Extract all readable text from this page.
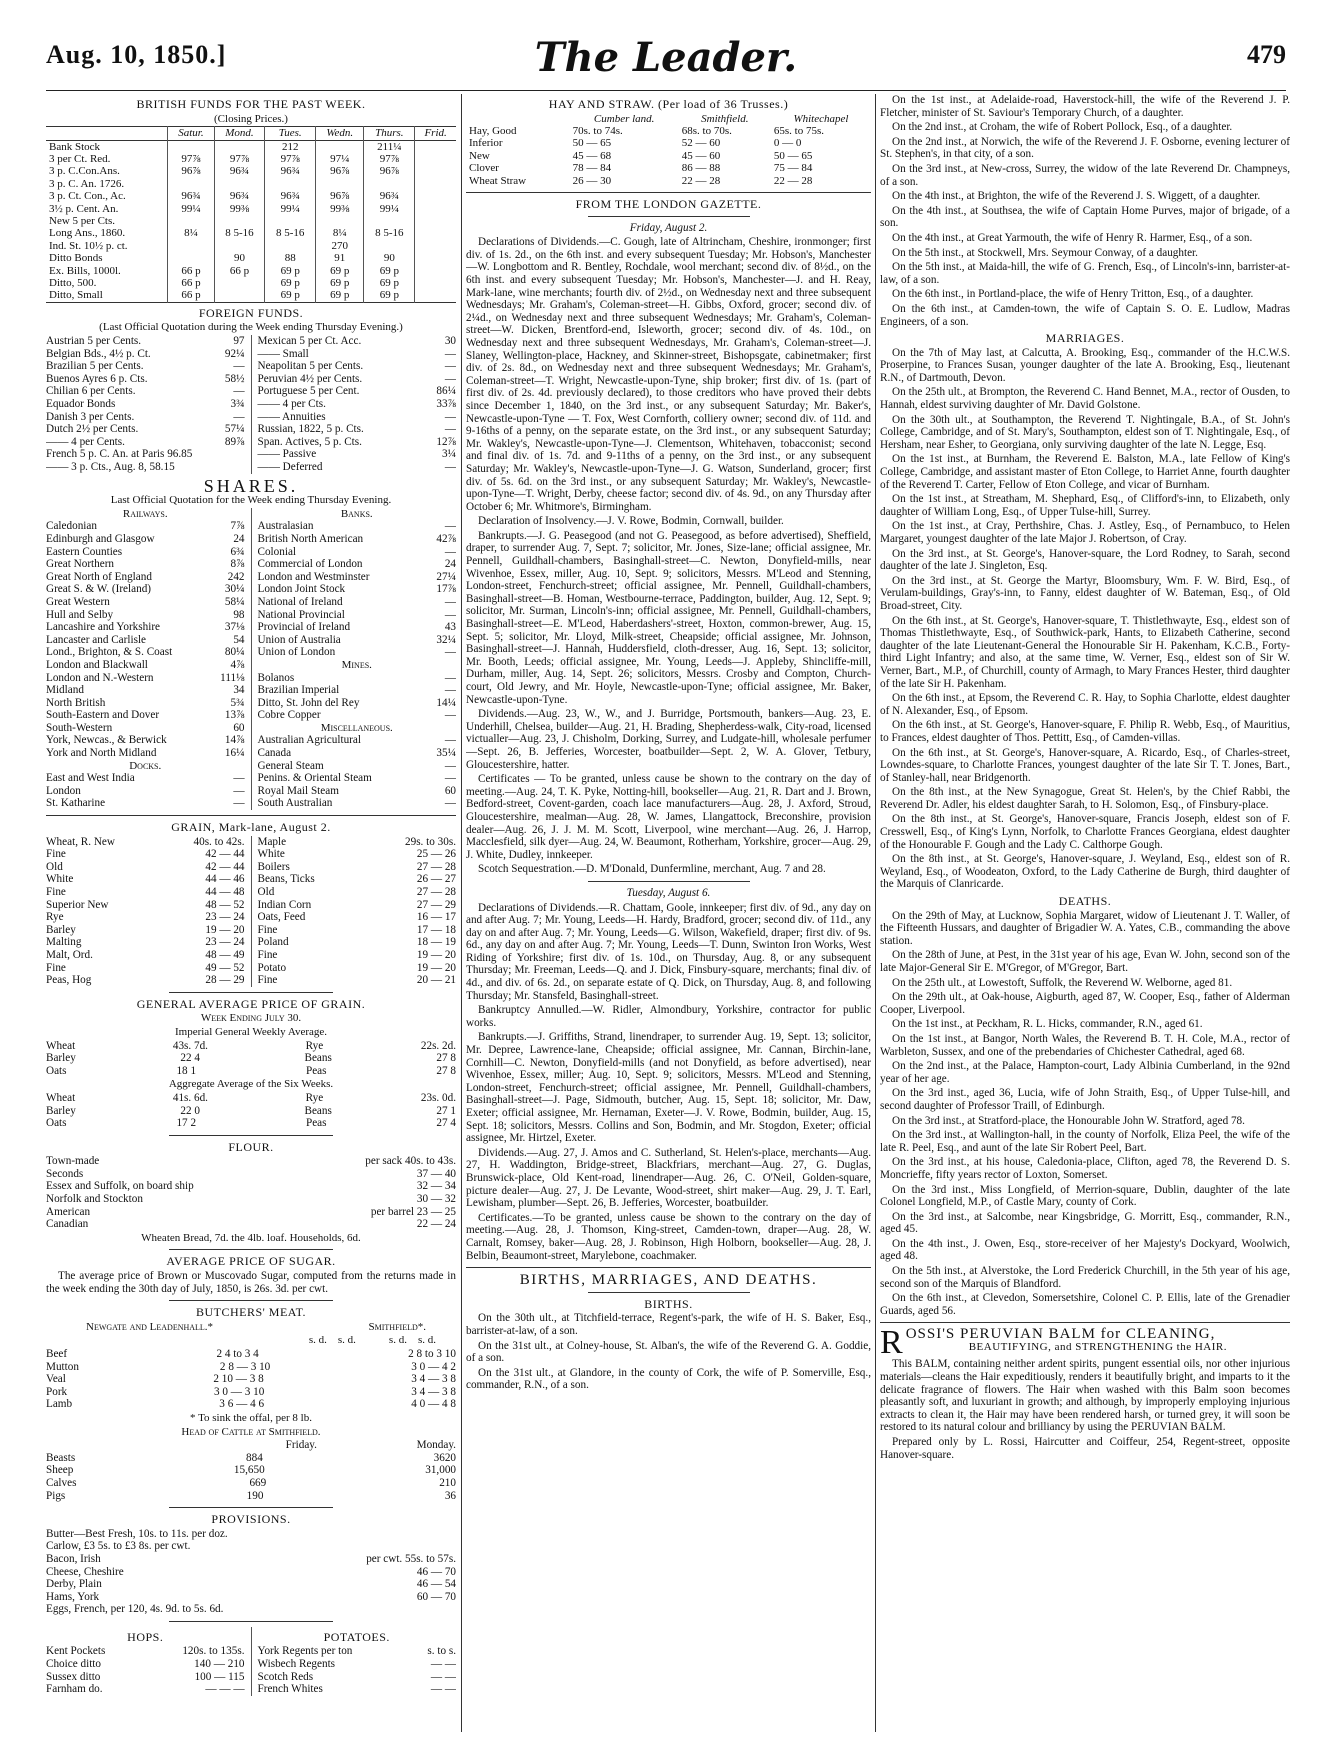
Aug. 10, 1850.]	The Leader.	479
BRITISH FUNDS FOR THE PAST WEEK.
(Closing Prices.)
	Satur.	Mond.	Tues.	Wedn.	Thurs.	Frid.
Bank Stock			212		211¼	
3 per Ct. Red.	97⅞	97⅞	97⅞	97¼	97⅞	
3 p. C.Con.Ans.	96⅞	96¾	96¾	96⅞	96⅞	
3 p. C. An. 1726.						
3 p. Ct. Con., Ac.	96¾	96¾	96¾	96⅞	96¾	
3½ p. Cent. An.	99¼	99⅜	99¼	99⅜	99¼	
New 5 per Cts.						
Long Ans., 1860.	8¼	8 5-16	8 5-16	8¼	8 5-16	
Ind. St. 10½ p. ct.				270		
Ditto Bonds		90	88	91	90	
Ex. Bills, 1000l.	66 p	66 p	69 p	69 p	69 p	
Ditto, 500.	66 p		69 p	69 p	69 p	
Ditto, Small	66 p		69 p	69 p	69 p	
FOREIGN FUNDS.
(Last Official Quotation during the Week ending Thursday Evening.)
Austrian 5 per Cents.	97
Belgian Bds., 4½ p. Ct.	92¼
Brazilian 5 per Cents.	—
Buenos Ayres 6 p. Cts.	58½
Chilian 6 per Cents.	—
Equador Bonds	3¾
Danish 3 per Cents.	—
Dutch 2½ per Cents.	57¼
—— 4 per Cents.	89⅞
French 5 p. C. An. at Paris 96.85
—— 3 p. Cts., Aug. 8, 58.15
Mexican 5 per Ct. Acc.	30
—— Small	—
Neapolitan 5 per Cents.	—
Peruvian 4½ per Cents.	—
Portuguese 5 per Cent.	86¼
—— 4 per Cts.	33⅞
—— Annuities	—
Russian, 1822, 5 p. Cts.	—
Span. Actives, 5 p. Cts.	12⅞
—— Passive	3¼
—— Deferred	—
SHARES.
Last Official Quotation for the Week ending Thursday Evening.
Railways.
Caledonian	7⅞
Edinburgh and Glasgow	24
Eastern Counties	6¾
Great Northern	8⅞
Great North of England	242
Great S. & W. (Ireland)	30¼
Great Western	58¼
Hull and Selby	98
Lancashire and Yorkshire	37⅛
Lancaster and Carlisle	54
Lond., Brighton, & S. Coast	80¼
London and Blackwall	4⅞
London and N.-Western	111⅛
Midland	34
North British	5¾
South-Eastern and Dover	13⅞
South-Western	60
York, Newcas., & Berwick	14⅞
York and North Midland	16¼
Docks.
East and West India	—
London	—
St. Katharine	—
Banks.
Australasian	—
British North American	42⅞
Colonial	—
Commercial of London	24
London and Westminster	27¼
London Joint Stock	17⅞
National of Ireland	—
National Provincial	—
Provincial of Ireland	43
Union of Australia	32¼
Union of London	—
Mines.
Bolanos	—
Brazilian Imperial	—
Ditto, St. John del Rey	14¼
Cobre Copper	—
Miscellaneous.
Australian Agricultural	—
Canada	35¼
General Steam	—
Penins. & Oriental Steam	—
Royal Mail Steam	60
South Australian	—
GRAIN, Mark-lane, August 2.
Wheat, R. New	40s. to 42s.
Fine	42 — 44
Old	42 — 44
White	44 — 46
Fine	44 — 48
Superior New	48 — 52
Rye	23 — 24
Barley	19 — 20
Malting	23 — 24
Malt, Ord.	48 — 49
Fine	49 — 52
Peas, Hog	28 — 29
Maple	29s. to 30s.
White	25 — 26
Boilers	27 — 28
Beans, Ticks	26 — 27
Old	27 — 28
Indian Corn	27 — 29
Oats, Feed	16 — 17
Fine	17 — 18
Poland	18 — 19
Fine	19 — 20
Potato	19 — 20
Fine	20 — 21
GENERAL AVERAGE PRICE OF GRAIN.
Week Ending July 30.
Imperial General Weekly Average.
Wheat	43s. 7d.	Rye	22s. 2d.
Barley	22 4	Beans	27 8
Oats	18 1	Peas	27 8
Aggregate Average of the Six Weeks.
Wheat	41s. 6d.	Rye	23s. 0d.
Barley	22 0	Beans	27 1
Oats	17 2	Peas	27 4
FLOUR.
Town-made	per sack 40s. to 43s.
Seconds	37 — 40
Essex and Suffolk, on board ship	32 — 34
Norfolk and Stockton	30 — 32
American	per barrel 23 — 25
Canadian	22 — 24
Wheaten Bread, 7d. the 4lb. loaf. Households, 6d.
AVERAGE PRICE OF SUGAR.

The average price of Brown or Muscovado Sugar, computed from the returns made in the week ending the 30th day of July, 1850, is 26s. 3d. per cwt.

BUTCHERS' MEAT.
Newgate and Leadenhall.*	Smithfield*.
s. d.    s. d.            s. d.    s. d.
Beef	2 4 to 3 4	2 8 to 3 10
Mutton	2 8 — 3 10	3 0 — 4 2
Veal	2 10 — 3 8	3 4 — 3 8
Pork	3 0 — 3 10	3 4 — 3 8
Lamb	3 6 — 4 6	4 0 — 4 8
* To sink the offal, per 8 lb.
Head of Cattle at Smithfield.
Friday.	Monday.
Beasts	884	3620
Sheep	15,650	31,000
Calves	669	210
Pigs	190	36
PROVISIONS.
Butter—Best Fresh, 10s. to 11s. per doz.
Carlow, £3 5s. to £3 8s. per cwt.
Bacon, Irish	per cwt. 55s. to 57s.
Cheese, Cheshire	46 — 70
Derby, Plain	46 — 54
Hams, York	60 — 70
Eggs, French, per 120, 4s. 9d. to 5s. 6d.
HOPS.
Kent Pockets	120s. to 135s.
Choice ditto	140 — 210
Sussex ditto	100 — 115
Farnham do.	— — —
POTATOES.
York Regents per ton	s. to s.
Wisbech Regents	— —
Scotch Reds	— —
French Whites	— —
HAY AND STRAW. (Per load of 36 Trusses.)
	Cumber land.	Smithfield.	Whitechapel
Hay, Good	70s. to 74s.	68s. to 70s.	65s. to 75s.
Inferior	50 — 65	52 — 60	0 — 0
New	45 — 68	45 — 60	50 — 65
Clover	78 — 84	86 — 88	75 — 84
Wheat Straw	26 — 30	22 — 28	22 — 28
FROM THE LONDON GAZETTE.
Friday, August 2.

Declarations of Dividends.—C. Gough, late of Altrincham, Cheshire, ironmonger; first div. of 1s. 2d., on the 6th inst. and every subsequent Tuesday; Mr. Hobson's, Manchester—W. Longbottom and R. Bentley, Rochdale, wool merchant; second div. of 8½d., on the 6th inst. and every subsequent Tuesday; Mr. Hobson's, Manchester—J. and H. Reay, Mark-lane, wine merchants; fourth div. of 2½d., on Wednesday next and three subsequent Wednesdays; Mr. Graham's, Coleman-street—H. Gibbs, Oxford, grocer; second div. of 2¼d., on Wednesday next and three subsequent Wednesdays; Mr. Graham's, Coleman-street—W. Dicken, Brentford-end, Isleworth, grocer; second div. of 4s. 10d., on Wednesday next and three subsequent Wednesdays, Mr. Graham's, Coleman-street—J. Slaney, Wellington-place, Hackney, and Skinner-street, Bishopsgate, cabinetmaker; first div. of 2s. 8d., on Wednesday next and three subsequent Wednesdays; Mr. Graham's, Coleman-street—T. Wright, Newcastle-upon-Tyne, ship broker; first div. of 1s. (part of first div. of 2s. 4d. previously declared), to those creditors who have proved their debts since December 1, 1840, on the 3rd inst., or any subsequent Saturday; Mr. Baker's, Newcastle-upon-Tyne — T. Fox, West Cornforth, colliery owner; second div. of 11d. and 9-16ths of a penny, on the separate estate, on the 3rd inst., or any subsequent Saturday; Mr. Wakley's, Newcastle-upon-Tyne—J. Clementson, Whitehaven, tobacconist; second and final div. of 1s. 7d. and 9-11ths of a penny, on the 3rd inst., or any subsequent Saturday; Mr. Wakley's, Newcastle-upon-Tyne—J. G. Watson, Sunderland, grocer; first div. of 5s. 6d. on the 3rd inst., or any subsequent Saturday; Mr. Wakley's, Newcastle-upon-Tyne—T. Wright, Derby, cheese factor; second div. of 4s. 9d., on any Thursday after October 6; Mr. Whitmore's, Birmingham.

Declaration of Insolvency.—J. V. Rowe, Bodmin, Cornwall, builder.

Bankrupts.—J. G. Peasegood (and not G. Peasegood, as before advertised), Sheffield, draper, to surrender Aug. 7, Sept. 7; solicitor, Mr. Jones, Size-lane; official assignee, Mr. Pennell, Guildhall-chambers, Basinghall-street—C. Newton, Donyfield-mills, near Wivenhoe, Essex, miller, Aug. 10, Sept. 9; solicitors, Messrs. M'Leod and Stenning, London-street, Fenchurch-street; official assignee, Mr. Pennell, Guildhall-chambers, Basinghall-street—B. Homan, Westbourne-terrace, Paddington, builder, Aug. 12, Sept. 9; solicitor, Mr. Surman, Lincoln's-inn; official assignee, Mr. Pennell, Guildhall-chambers, Basinghall-street—E. M'Leod, Haberdashers'-street, Hoxton, common-brewer, Aug. 15, Sept. 5; solicitor, Mr. Lloyd, Milk-street, Cheapside; official assignee, Mr. Johnson, Basinghall-street—J. Hannah, Huddersfield, cloth-dresser, Aug. 16, Sept. 13; solicitor, Mr. Booth, Leeds; official assignee, Mr. Young, Leeds—J. Appleby, Shincliffe-mill, Durham, miller, Aug. 14, Sept. 26; solicitors, Messrs. Crosby and Compton, Church-court, Old Jewry, and Mr. Hoyle, Newcastle-upon-Tyne; official assignee, Mr. Baker, Newcastle-upon-Tyne.

Dividends.—Aug. 23, W., W., and J. Burridge, Portsmouth, bankers—Aug. 23, E. Underhill, Chelsea, builder—Aug. 21, H. Brading, Shepherdess-walk, City-road, licensed victualler—Aug. 23, J. Chisholm, Dorking, Surrey, and Ludgate-hill, wholesale perfumer—Sept. 26, B. Jefferies, Worcester, boatbuilder—Sept. 2, W. A. Glover, Tetbury, Gloucestershire, hatter.

Certificates — To be granted, unless cause be shown to the contrary on the day of meeting.—Aug. 24, T. K. Pyke, Notting-hill, bookseller—Aug. 21, R. Dart and J. Brown, Bedford-street, Covent-garden, coach lace manufacturers—Aug. 28, J. Axford, Stroud, Gloucestershire, mealman—Aug. 28, W. James, Llangattock, Breconshire, provision dealer—Aug. 26, J. J. M. M. Scott, Liverpool, wine merchant—Aug. 26, J. Harrop, Macclesfield, silk dyer—Aug. 24, W. Beaumont, Rotherham, Yorkshire, grocer—Aug. 29, J. White, Dudley, innkeeper.

Scotch Sequestration.—D. M'Donald, Dunfermline, merchant, Aug. 7 and 28.

Tuesday, August 6.

Declarations of Dividends.—R. Chattam, Goole, innkeeper; first div. of 9d., any day on and after Aug. 7; Mr. Young, Leeds—H. Hardy, Bradford, grocer; second div. of 11d., any day on and after Aug. 7; Mr. Young, Leeds—G. Wilson, Wakefield, draper; first div. of 9s. 6d., any day on and after Aug. 7; Mr. Young, Leeds—T. Dunn, Swinton Iron Works, West Riding of Yorkshire; first div. of 1s. 10d., on Thursday, Aug. 8, or any subsequent Thursday; Mr. Freeman, Leeds—Q. and J. Dick, Finsbury-square, merchants; final div. of 4d., and div. of 6s. 2d., on separate estate of Q. Dick, on Thursday, Aug. 8, and following Thursday; Mr. Stansfeld, Basinghall-street.

Bankruptcy Annulled.—W. Ridler, Almondbury, Yorkshire, contractor for public works.

Bankrupts.—J. Griffiths, Strand, linendraper, to surrender Aug. 19, Sept. 13; solicitor, Mr. Depree, Lawrence-lane, Cheapside; official assignee, Mr. Cannan, Birchin-lane, Cornhill—C. Newton, Donyfield-mills (and not Donyfield, as before advertised), near Wivenhoe, Essex, miller; Aug. 10, Sept. 9; solicitors, Messrs. M'Leod and Stenning, London-street, Fenchurch-street; official assignee, Mr. Pennell, Guildhall-chambers, Basinghall-street—J. Page, Sidmouth, butcher, Aug. 15, Sept. 18; solicitor, Mr. Daw, Exeter; official assignee, Mr. Hernaman, Exeter—J. V. Rowe, Bodmin, builder, Aug. 15, Sept. 18; solicitors, Messrs. Collins and Son, Bodmin, and Mr. Stogdon, Exeter; official assignee, Mr. Hirtzel, Exeter.

Dividends.—Aug. 27, J. Amos and C. Sutherland, St. Helen's-place, merchants—Aug. 27, H. Waddington, Bridge-street, Blackfriars, merchant—Aug. 27, G. Duglas, Brunswick-place, Old Kent-road, linendraper—Aug. 26, C. O'Neil, Golden-square, picture dealer—Aug. 27, J. De Levante, Wood-street, shirt maker—Aug. 29, J. T. Earl, Lewisham, plumber—Sept. 26, B. Jefferies, Worcester, boatbuilder.

Certificates.—To be granted, unless cause be shown to the contrary on the day of meeting.—Aug. 28, J. Thomson, King-street, Camden-town, draper—Aug. 28, W. Carnalt, Romsey, baker—Aug. 28, J. Robinson, High Holborn, bookseller—Aug. 28, J. Belbin, Beaumont-street, Marylebone, coachmaker.

BIRTHS, MARRIAGES, AND DEATHS.
BIRTHS.

On the 30th ult., at Titchfield-terrace, Regent's-park, the wife of H. S. Baker, Esq., barrister-at-law, of a son.

On the 31st ult., at Colney-house, St. Alban's, the wife of the Reverend G. A. Goddie, of a son.

On the 31st ult., at Glandore, in the county of Cork, the wife of P. Somerville, Esq., commander, R.N., of a son.

On the 1st inst., at Adelaide-road, Haverstock-hill, the wife of the Reverend J. P. Fletcher, minister of St. Saviour's Temporary Church, of a daughter.

On the 2nd inst., at Croham, the wife of Robert Pollock, Esq., of a daughter.

On the 2nd inst., at Norwich, the wife of the Reverend J. F. Osborne, evening lecturer of St. Stephen's, in that city, of a son.

On the 3rd inst., at New-cross, Surrey, the widow of the late Reverend Dr. Champneys, of a son.

On the 4th inst., at Brighton, the wife of the Reverend J. S. Wiggett, of a daughter.

On the 4th inst., at Southsea, the wife of Captain Home Purves, major of brigade, of a son.

On the 4th inst., at Great Yarmouth, the wife of Henry R. Harmer, Esq., of a son.

On the 5th inst., at Stockwell, Mrs. Seymour Conway, of a daughter.

On the 5th inst., at Maida-hill, the wife of G. French, Esq., of Lincoln's-inn, barrister-at-law, of a son.

On the 6th inst., in Portland-place, the wife of Henry Tritton, Esq., of a daughter.

On the 6th inst., at Camden-town, the wife of Captain S. O. E. Ludlow, Madras Engineers, of a son.

MARRIAGES.

On the 7th of May last, at Calcutta, A. Brooking, Esq., commander of the H.C.W.S. Proserpine, to Frances Susan, younger daughter of the late A. Brooking, Esq., lieutenant R.N., of Dartmouth, Devon.

On the 25th ult., at Brompton, the Reverend C. Hand Bennet, M.A., rector of Ousden, to Hannah, eldest surviving daughter of Mr. David Golstone.

On the 30th ult., at Southampton, the Reverend T. Nightingale, B.A., of St. John's College, Cambridge, and of St. Mary's, Southampton, eldest son of T. Nightingale, Esq., of Hersham, near Esher, to Georgiana, only surviving daughter of the late N. Legge, Esq.

On the 1st inst., at Burnham, the Reverend E. Balston, M.A., late Fellow of King's College, Cambridge, and assistant master of Eton College, to Harriet Anne, fourth daughter of the Reverend T. Carter, Fellow of Eton College, and vicar of Burnham.

On the 1st inst., at Streatham, M. Shephard, Esq., of Clifford's-inn, to Elizabeth, only daughter of William Long, Esq., of Upper Tulse-hill, Surrey.

On the 1st inst., at Cray, Perthshire, Chas. J. Astley, Esq., of Pernambuco, to Helen Margaret, youngest daughter of the late Major J. Robertson, of Cray.

On the 3rd inst., at St. George's, Hanover-square, the Lord Rodney, to Sarah, second daughter of the late J. Singleton, Esq.

On the 3rd inst., at St. George the Martyr, Bloomsbury, Wm. F. W. Bird, Esq., of Verulam-buildings, Gray's-inn, to Fanny, eldest daughter of W. Bateman, Esq., of Old Broad-street, City.

On the 6th inst., at St. George's, Hanover-square, T. Thistlethwayte, Esq., eldest son of Thomas Thistlethwayte, Esq., of Southwick-park, Hants, to Elizabeth Catherine, second daughter of the late Lieutenant-General the Honourable Sir H. Pakenham, K.C.B., Forty-third Light Infantry; and also, at the same time, W. Verner, Esq., eldest son of Sir W. Verner, Bart., M.P., of Churchill, county of Armagh, to Mary Frances Hester, third daughter of the late Sir H. Pakenham.

On the 6th inst., at Epsom, the Reverend C. R. Hay, to Sophia Charlotte, eldest daughter of N. Alexander, Esq., of Epsom.

On the 6th inst., at St. George's, Hanover-square, F. Philip R. Webb, Esq., of Mauritius, to Frances, eldest daughter of Thos. Pettitt, Esq., of Camden-villas.

On the 6th inst., at St. George's, Hanover-square, A. Ricardo, Esq., of Charles-street, Lowndes-square, to Charlotte Frances, youngest daughter of the late Sir T. T. Jones, Bart., of Stanley-hall, near Bridgenorth.

On the 8th inst., at the New Synagogue, Great St. Helen's, by the Chief Rabbi, the Reverend Dr. Adler, his eldest daughter Sarah, to H. Solomon, Esq., of Finsbury-place.

On the 8th inst., at St. George's, Hanover-square, Francis Joseph, eldest son of F. Cresswell, Esq., of King's Lynn, Norfolk, to Charlotte Frances Georgiana, eldest daughter of the Honourable F. Gough and the Lady C. Calthorpe Gough.

On the 8th inst., at St. George's, Hanover-square, J. Weyland, Esq., eldest son of R. Weyland, Esq., of Woodeaton, Oxford, to the Lady Catherine de Burgh, third daughter of the Marquis of Clanricarde.

DEATHS.

On the 29th of May, at Lucknow, Sophia Margaret, widow of Lieutenant J. T. Waller, of the Fifteenth Hussars, and daughter of Brigadier W. A. Yates, C.B., commanding the above station.

On the 28th of June, at Pest, in the 31st year of his age, Evan W. John, second son of the late Major-General Sir E. M'Gregor, of M'Gregor, Bart.

On the 25th ult., at Lowestoft, Suffolk, the Reverend W. Welborne, aged 81.

On the 29th ult., at Oak-house, Aigburth, aged 87, W. Cooper, Esq., father of Alderman Cooper, Liverpool.

On the 1st inst., at Peckham, R. L. Hicks, commander, R.N., aged 61.

On the 1st inst., at Bangor, North Wales, the Reverend B. T. H. Cole, M.A., rector of Warbleton, Sussex, and one of the prebendaries of Chichester Cathedral, aged 68.

On the 2nd inst., at the Palace, Hampton-court, Lady Albinia Cumberland, in the 92nd year of her age.

On the 3rd inst., aged 36, Lucia, wife of John Straith, Esq., of Upper Tulse-hill, and second daughter of Professor Traill, of Edinburgh.

On the 3rd inst., at Stratford-place, the Honourable John W. Stratford, aged 78.

On the 3rd inst., at Wallington-hall, in the county of Norfolk, Eliza Peel, the wife of the late R. Peel, Esq., and aunt of the late Sir Robert Peel, Bart.

On the 3rd inst., at his house, Caledonia-place, Clifton, aged 78, the Reverend D. S. Moncrieffe, fifty years rector of Loxton, Somerset.

On the 3rd inst., Miss Longfield, of Merrion-square, Dublin, daughter of the late Colonel Longfield, M.P., of Castle Mary, county of Cork.

On the 3rd inst., at Salcombe, near Kingsbridge, G. Morritt, Esq., commander, R.N., aged 45.

On the 4th inst., J. Owen, Esq., store-receiver of her Majesty's Dockyard, Woolwich, aged 48.

On the 5th inst., at Alverstoke, the Lord Frederick Churchill, in the 5th year of his age, second son of the Marquis of Blandford.

On the 6th inst., at Clevedon, Somersetshire, Colonel C. P. Ellis, late of the Grenadier Guards, aged 56.

R OSSI'S PERUVIAN BALM for CLEANING,
BEAUTIFYING, and STRENGTHENING the HAIR.

This BALM, containing neither ardent spirits, pungent essential oils, nor other injurious materials—cleans the Hair expeditiously, renders it beautifully bright, and imparts to it the delicate fragrance of flowers. The Hair when washed with this Balm soon becomes pleasantly soft, and luxuriant in growth; and although, by improperly employing injurious extracts to clean it, the Hair may have been rendered harsh, or turned grey, it will soon be restored to its natural colour and brilliancy by using the PERUVIAN BALM.

Prepared only by L. Rossi, Haircutter and Coiffeur, 254, Regent-street, opposite Hanover-square.
